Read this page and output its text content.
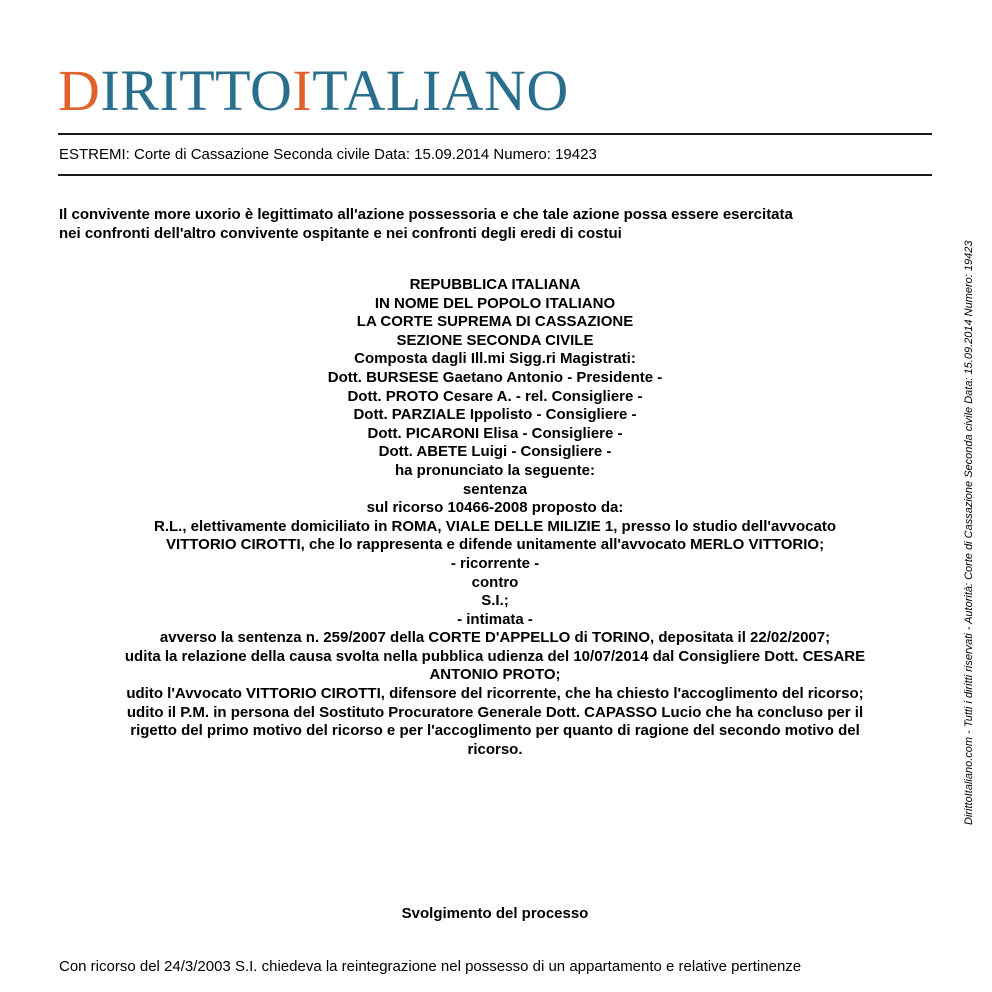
DIRITTOITALIANO
ESTREMI: Corte di Cassazione Seconda civile Data: 15.09.2014 Numero: 19423
DirittoItaliano.com - Tutti i diritti riservati - Autorità: Corte di Cassazione Seconda civile Data: 15.09.2014 Numero: 19423
Il convivente more uxorio è legittimato all'azione possessoria e che tale azione possa essere esercitata
nei confronti dell'altro convivente ospitante e nei confronti degli eredi di costui
REPUBBLICA ITALIANA
IN NOME DEL POPOLO ITALIANO
LA CORTE SUPREMA DI CASSAZIONE
SEZIONE SECONDA CIVILE
Composta dagli Ill.mi Sigg.ri Magistrati:
Dott. BURSESE Gaetano Antonio - Presidente -
Dott. PROTO Cesare A. - rel. Consigliere -
Dott. PARZIALE Ippolisto - Consigliere -
Dott. PICARONI Elisa - Consigliere -
Dott. ABETE Luigi - Consigliere -
ha pronunciato la seguente:
sentenza
sul ricorso 10466-2008 proposto da:
R.L., elettivamente domiciliato in ROMA, VIALE DELLE MILIZIE 1, presso lo studio dell'avvocato
VITTORIO CIROTTI, che lo rappresenta e difende unitamente all'avvocato MERLO VITTORIO;
- ricorrente -
contro
S.I.;
- intimata -
avverso la sentenza n. 259/2007 della CORTE D'APPELLO di TORINO, depositata il 22/02/2007;
udita la relazione della causa svolta nella pubblica udienza del 10/07/2014 dal Consigliere Dott. CESARE
ANTONIO PROTO;
udito l'Avvocato VITTORIO CIROTTI, difensore del ricorrente, che ha chiesto l'accoglimento del ricorso;
udito il P.M. in persona del Sostituto Procuratore Generale Dott. CAPASSO Lucio che ha concluso per il
rigetto del primo motivo del ricorso e per l'accoglimento per quanto di ragione del secondo motivo del
ricorso.
Svolgimento del processo
Con ricorso del 24/3/2003 S.I. chiedeva la reintegrazione nel possesso di un appartamento e relative pertinenze
